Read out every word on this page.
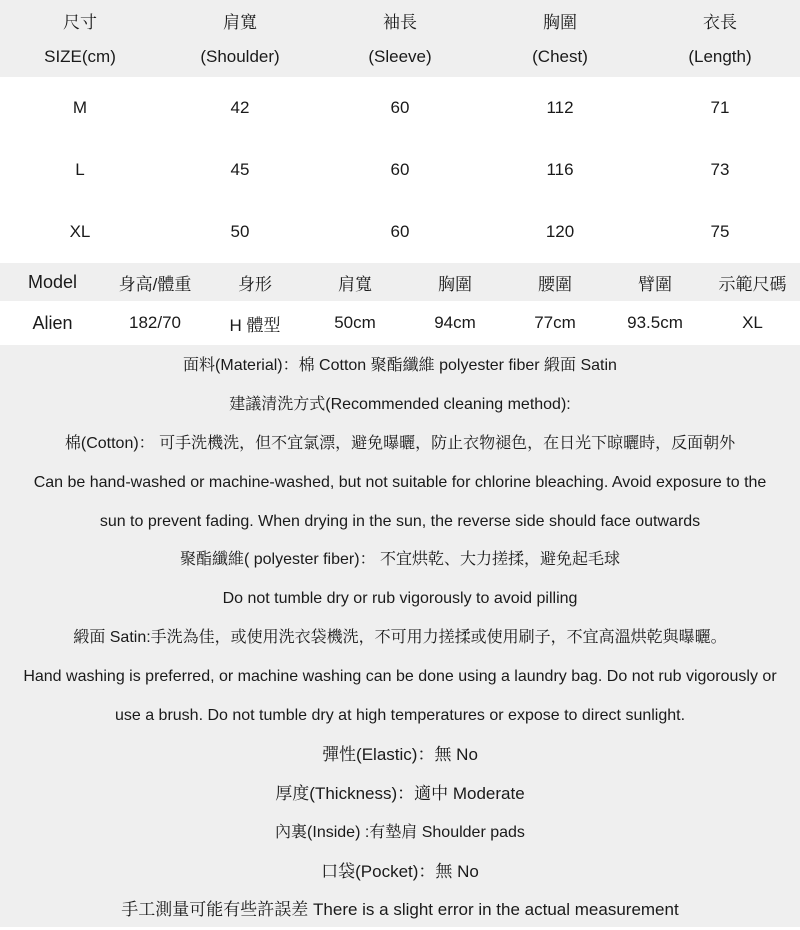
尺寸	肩寬	袖長	胸圍	衣長
SIZE(cm)	(Shoulder)	(Sleeve)	(Chest)	(Length)
M	42	60	112	71
L	45	60	116	73
XL	50	60	120	75
Model	身高/體重	身形	肩寬	胸圍	腰圍	臂圍	示範尺碼
Alien	182/70	H 體型	50cm	94cm	77cm	93.5cm	XL
面料(Material)：棉 Cotton 聚酯纖維 polyester fiber 緞面 Satin
建議清洗方式(Recommended cleaning method):
棉(Cotton)： 可手洗機洗，但不宜氯漂，避免曝曬，防止衣物褪色，在日光下晾曬時，反面朝外
Can be hand-washed or machine-washed, but not suitable for chlorine bleaching. Avoid exposure to the
sun to prevent fading. When drying in the sun, the reverse side should face outwards
聚酯纖維( polyester fiber)： 不宜烘乾、大力搓揉，避免起毛球
Do not tumble dry or rub vigorously to avoid pilling
緞面 Satin:手洗為佳，或使用洗衣袋機洗，不可用力搓揉或使用刷子，不宜高溫烘乾與曝曬。
Hand washing is preferred, or machine washing can be done using a laundry bag. Do not rub vigorously or
use a brush. Do not tumble dry at high temperatures or expose to direct sunlight.
彈性(Elastic)：無 No
厚度(Thickness)：適中 Moderate
內裏(Inside) :有墊肩 Shoulder pads
口袋(Pocket)：無 No
手工測量可能有些許誤差 There is a slight error in the actual measurement
